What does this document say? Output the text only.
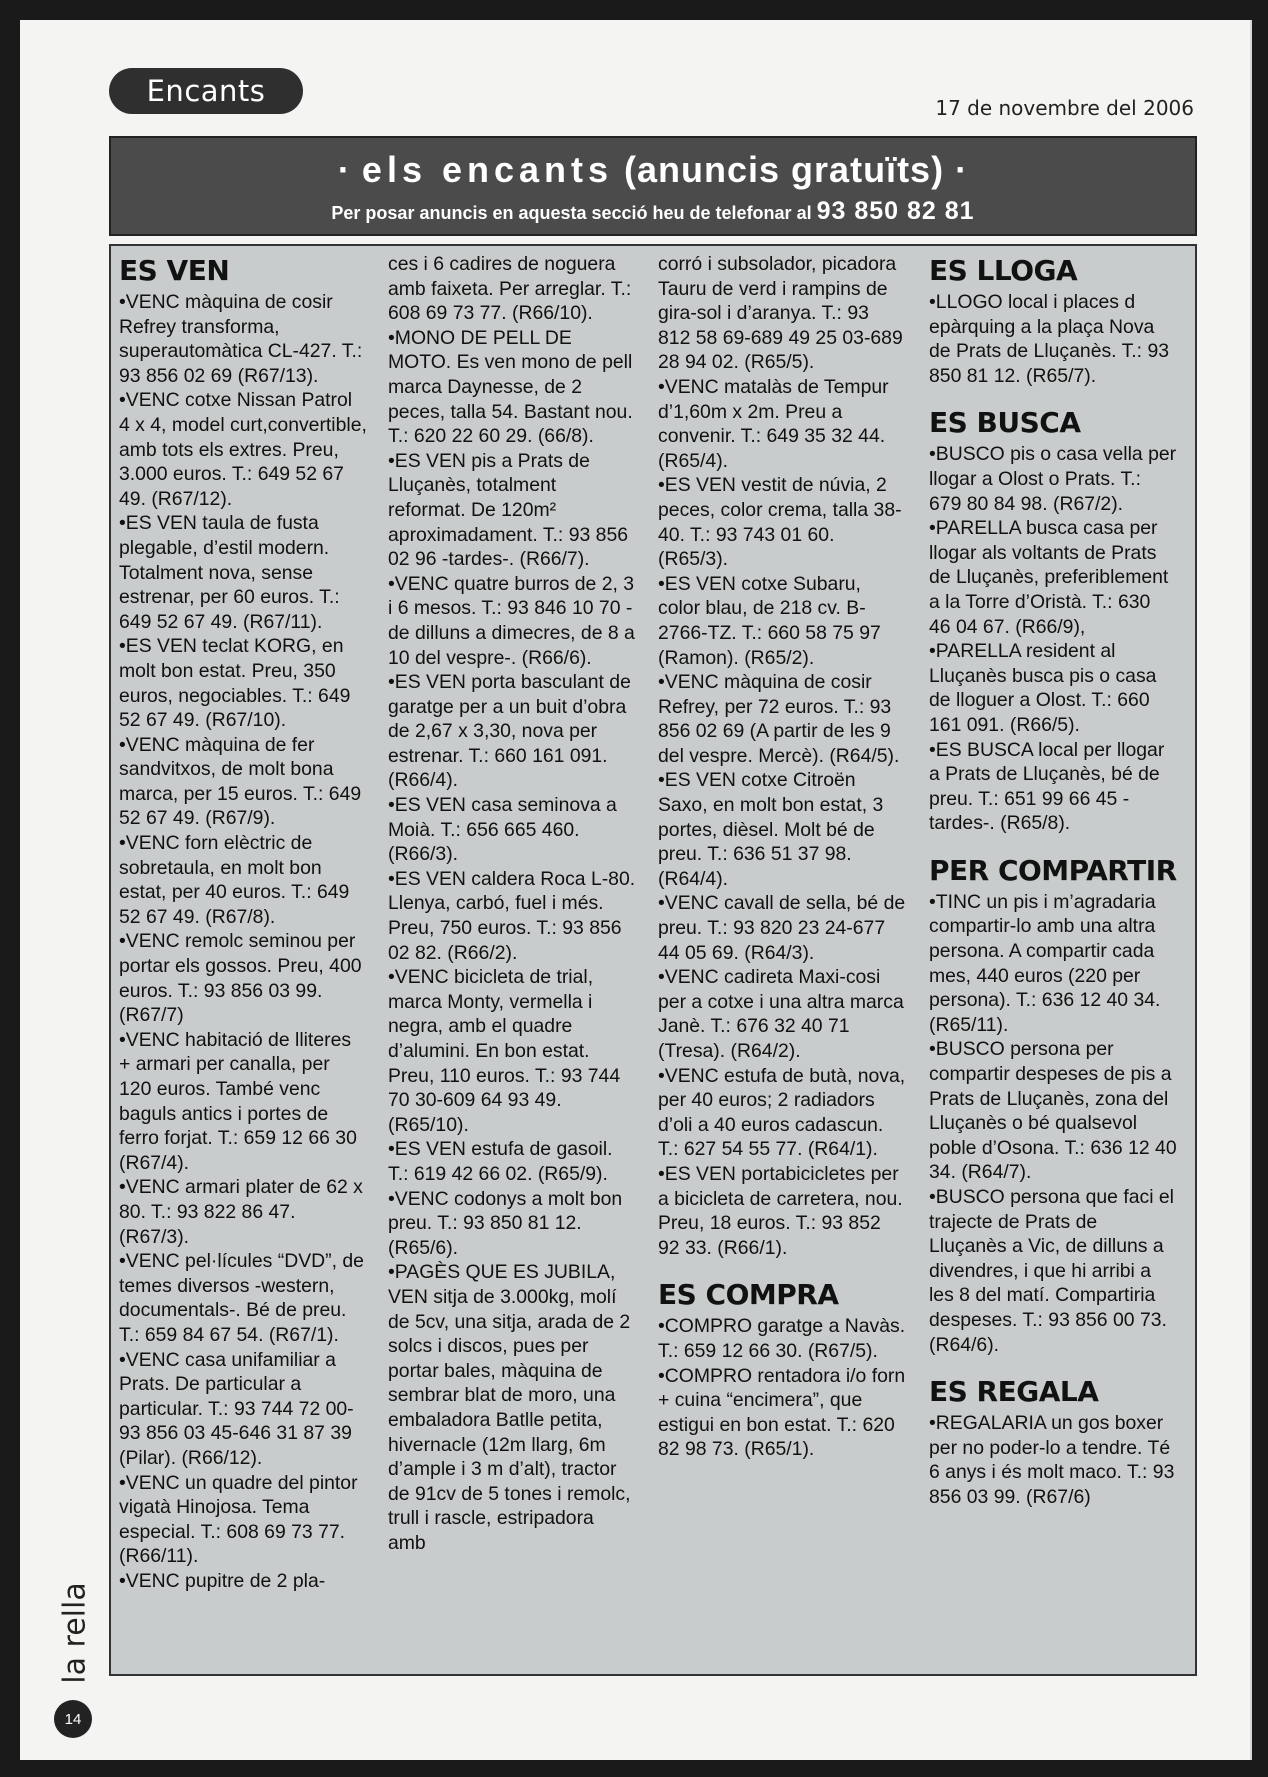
Encants	17 de novembre del 2006
· els encants (anuncis gratuïts) ·
Per posar anuncis en aquesta secció heu de telefonar al 93 850 82 81
ES VEN

•VENC màquina de cosir Refrey transforma, superautomàtica CL-427. T.: 93 856 02 69 (R67/13).

•VENC cotxe Nissan Patrol 4 x 4, model curt,convertible, amb tots els extres. Preu, 3.000 euros. T.: 649 52 67 49. (R67/12).

•ES VEN taula de fusta plegable, d’estil modern. Totalment nova, sense estrenar, per 60 euros. T.: 649 52 67 49. (R67/11).

•ES VEN teclat KORG, en molt bon estat. Preu, 350 euros, negociables. T.: 649 52 67 49. (R67/10).

•VENC màquina de fer sandvitxos, de molt bona marca, per 15 euros. T.: 649 52 67 49. (R67/9).

•VENC forn elèctric de sobretaula, en molt bon estat, per 40 euros. T.: 649 52 67 49. (R67/8).

•VENC remolc seminou per portar els gossos. Preu, 400 euros. T.: 93 856 03 99. (R67/7)

•VENC habitació de lliteres + armari per canalla, per 120 euros. També venc baguls antics i portes de ferro forjat. T.: 659 12 66 30 (R67/4).

•VENC armari plater de 62 x 80. T.: 93 822 86 47. (R67/3).

•VENC pel·lícules “DVD”, de temes diversos -western, documentals-. Bé de preu. T.: 659 84 67 54. (R67/1).

•VENC casa unifamiliar a Prats. De particular a particular. T.: 93 744 72 00-93 856 03 45-646 31 87 39 (Pilar). (R66/12).

•VENC un quadre del pintor vigatà Hinojosa. Tema especial. T.: 608 69 73 77. (R66/11).

•VENC pupitre de 2 pla-

ces i 6 cadires de noguera amb faixeta. Per arreglar. T.: 608 69 73 77. (R66/10).

•MONO DE PELL DE MOTO. Es ven mono de pell marca Daynesse, de 2 peces, talla 54. Bastant nou. T.: 620 22 60 29. (66/8).

•ES VEN pis a Prats de Lluçanès, totalment reformat. De 120m² aproximadament. T.: 93 856 02 96 -tardes-. (R66/7).

•VENC quatre burros de 2, 3 i 6 mesos. T.: 93 846 10 70 -de dilluns a dimecres, de 8 a 10 del vespre-. (R66/6).

•ES VEN porta basculant de garatge per a un buit d’obra de 2,67 x 3,30, nova per estrenar. T.: 660 161 091. (R66/4).

•ES VEN casa seminova a Moià. T.: 656 665 460. (R66/3).

•ES VEN caldera Roca L-80. Llenya, carbó, fuel i més. Preu, 750 euros. T.: 93 856 02 82. (R66/2).

•VENC bicicleta de trial, marca Monty, vermella i negra, amb el quadre d’alumini. En bon estat. Preu, 110 euros. T.: 93 744 70 30-609 64 93 49. (R65/10).

•ES VEN estufa de gasoil. T.: 619 42 66 02. (R65/9).

•VENC codonys a molt bon preu. T.: 93 850 81 12. (R65/6).

•PAGÈS QUE ES JUBILA, VEN sitja de 3.000kg, molí de 5cv, una sitja, arada de 2 solcs i discos, pues per portar bales, màquina de sembrar blat de moro, una embaladora Batlle petita, hivernacle (12m llarg, 6m d’ample i 3 m d’alt), tractor de 91cv de 5 tones i remolc, trull i rascle, estripadora amb

corró i subsolador, picadora Tauru de verd i rampins de gira-sol i d’aranya. T.: 93 812 58 69-689 49 25 03-689 28 94 02. (R65/5).

•VENC matalàs de Tempur d’1,60m x 2m. Preu a convenir. T.: 649 35 32 44. (R65/4).

•ES VEN vestit de núvia, 2 peces, color crema, talla 38-40. T.: 93 743 01 60. (R65/3).

•ES VEN cotxe Subaru, color blau, de 218 cv. B-2766-TZ. T.: 660 58 75 97 (Ramon). (R65/2).

•VENC màquina de cosir Refrey, per 72 euros. T.: 93 856 02 69 (A partir de les 9 del vespre. Mercè). (R64/5).

•ES VEN cotxe Citroën Saxo, en molt bon estat, 3 portes, dièsel. Molt bé de preu. T.: 636 51 37 98. (R64/4).

•VENC cavall de sella, bé de preu. T.: 93 820 23 24-677 44 05 69. (R64/3).

•VENC cadireta Maxi-cosi per a cotxe i una altra marca Janè. T.: 676 32 40 71 (Tresa). (R64/2).

•VENC estufa de butà, nova, per 40 euros; 2 radiadors d’oli a 40 euros cadascun. T.: 627 54 55 77. (R64/1).

•ES VEN portabicicletes per a bicicleta de carretera, nou. Preu, 18 euros. T.: 93 852 92 33. (R66/1).

ES COMPRA

•COMPRO garatge a Navàs. T.: 659 12 66 30. (R67/5).

•COMPRO rentadora i/o forn + cuina “encimera”, que estigui en bon estat. T.: 620 82 98 73. (R65/1).

ES LLOGA

•LLOGO local i places d epàrquing a la plaça Nova de Prats de Lluçanès. T.: 93 850 81 12. (R65/7).

ES BUSCA

•BUSCO pis o casa vella per llogar a Olost o Prats. T.: 679 80 84 98. (R67/2).

•PARELLA busca casa per llogar als voltants de Prats de Lluçanès, preferiblement a la Torre d’Oristà. T.: 630 46 04 67. (R66/9),

•PARELLA resident al Lluçanès busca pis o casa de lloguer a Olost. T.: 660 161 091. (R66/5).

•ES BUSCA local per llogar a Prats de Lluçanès, bé de preu. T.: 651 99 66 45 -tardes-. (R65/8).

PER COMPARTIR

•TINC un pis i m’agradaria compartir-lo amb una altra persona. A compartir cada mes, 440 euros (220 per persona). T.: 636 12 40 34. (R65/11).

•BUSCO persona per compartir despeses de pis a Prats de Lluçanès, zona del Lluçanès o bé qualsevol poble d’Osona. T.: 636 12 40 34. (R64/7).

•BUSCO persona que faci el trajecte de Prats de Lluçanès a Vic, de dilluns a divendres, i que hi arribi a les 8 del matí. Compartiria despeses. T.: 93 856 00 73. (R64/6).

ES REGALA

•REGALARIA un gos boxer per no poder-lo a tendre. Té 6 anys i és molt maco. T.: 93 856 03 99. (R67/6)

la rella
14
